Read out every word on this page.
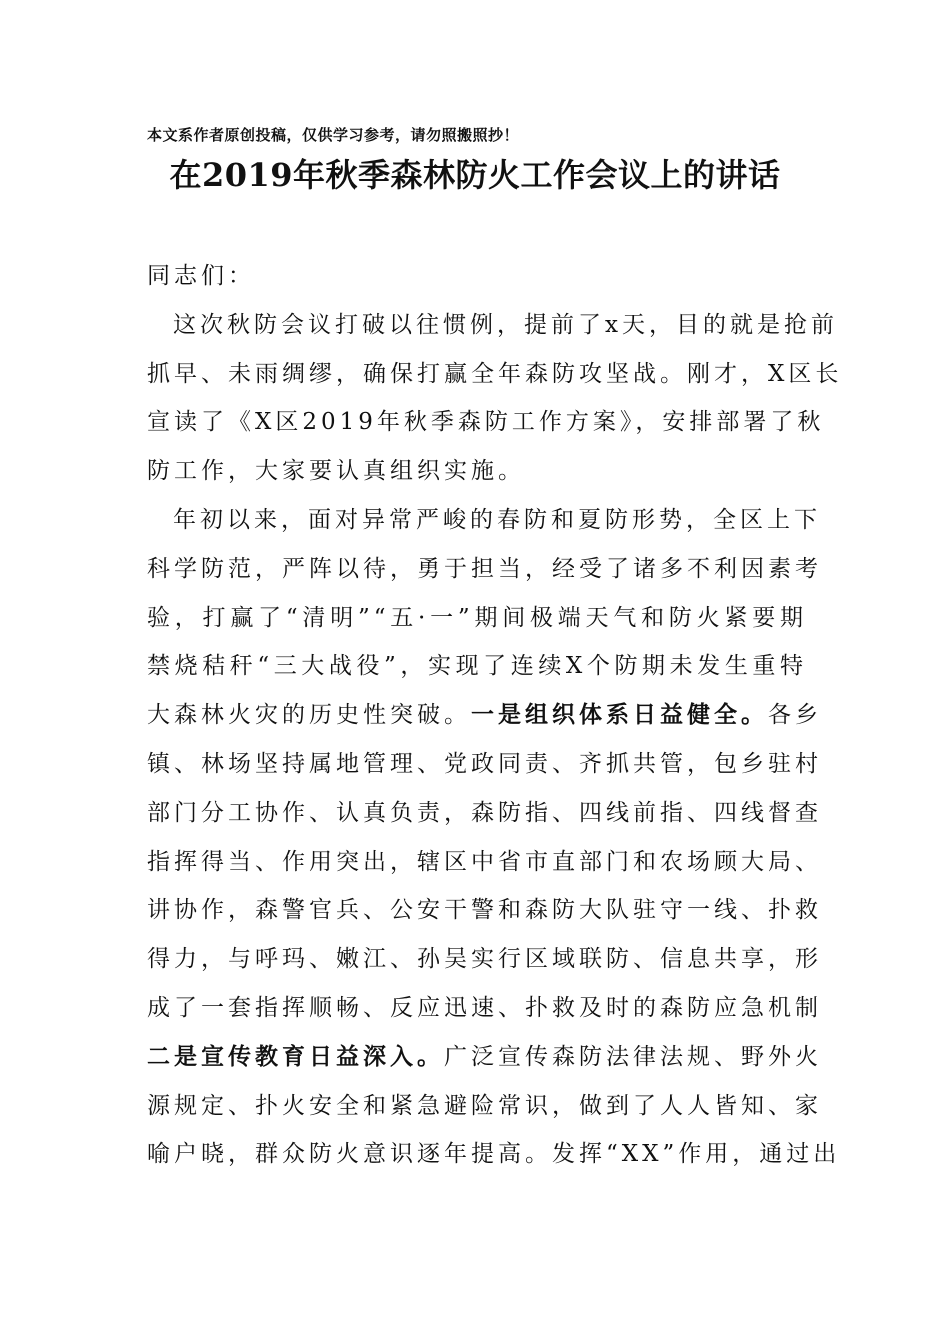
本文系作者原创投稿，仅供学习参考，请勿照搬照抄！
在2019年秋季森林防火工作会议上的讲话
同志们：
这次秋防会议打破以往惯例，提前了x天，目的就是抢前
抓早、未雨绸缪，确保打赢全年森防攻坚战。刚才，X区长
宣读了《X区2019年秋季森防工作方案》，安排部署了秋
防工作，大家要认真组织实施。
年初以来，面对异常严峻的春防和夏防形势，全区上下
科学防范，严阵以待，勇于担当，经受了诸多不利因素考
验，打赢了“清明”“五·一”期间极端天气和防火紧要期
禁烧秸秆“三大战役”，实现了连续X个防期未发生重特
大森林火灾的历史性突破。一是组织体系日益健全。各乡
镇、林场坚持属地管理、党政同责、齐抓共管，包乡驻村
部门分工协作、认真负责，森防指、四线前指、四线督查
指挥得当、作用突出，辖区中省市直部门和农场顾大局、
讲协作，森警官兵、公安干警和森防大队驻守一线、扑救
得力，与呼玛、嫩江、孙吴实行区域联防、信息共享，形
成了一套指挥顺畅、反应迅速、扑救及时的森防应急机制
二是宣传教育日益深入。广泛宣传森防法律法规、野外火
源规定、扑火安全和紧急避险常识，做到了人人皆知、家
喻户晓，群众防火意识逐年提高。发挥“XX”作用，通过出
